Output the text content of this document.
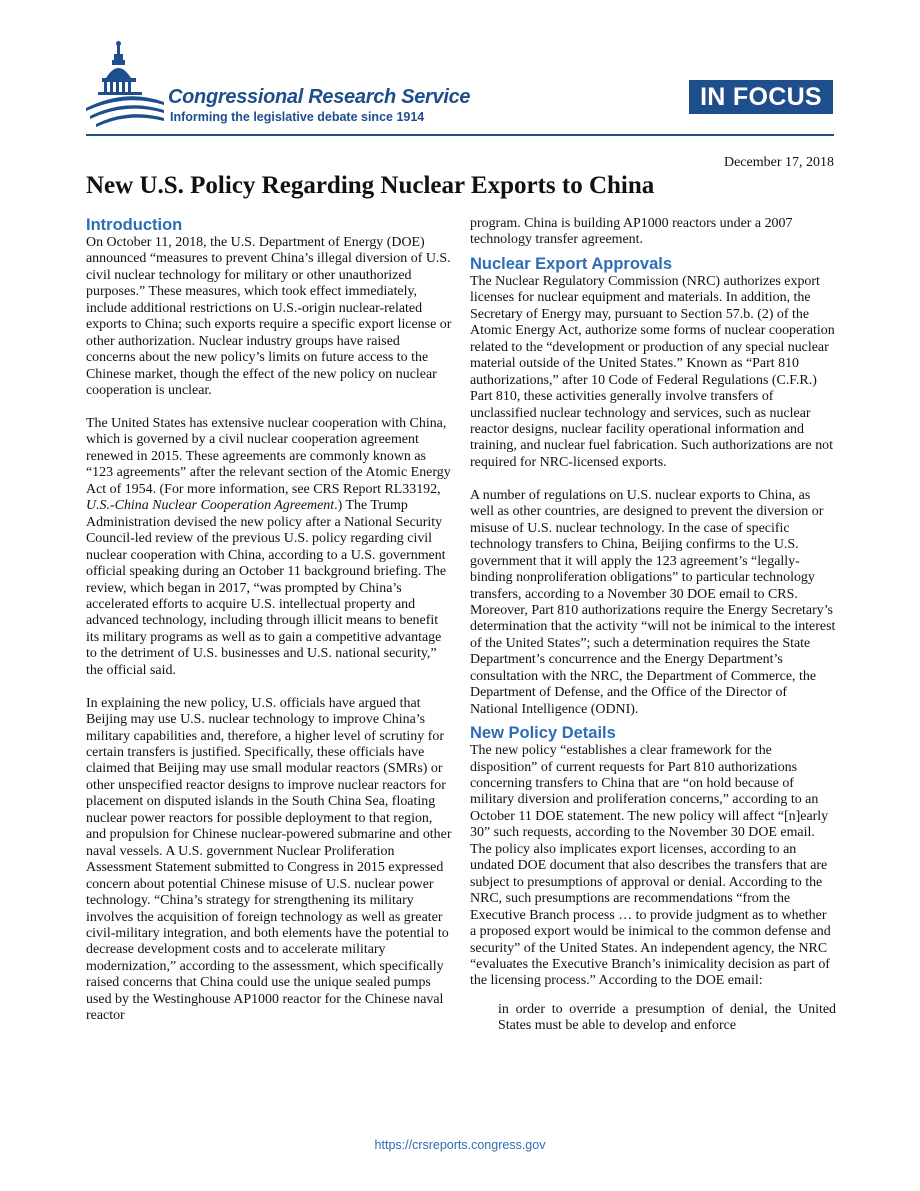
Congressional Research Service
Informing the legislative debate since 1914
IN FOCUS
December 17, 2018
New U.S. Policy Regarding Nuclear Exports to China
Introduction

On October 11, 2018, the U.S. Department of Energy (DOE) announced “measures to prevent China’s illegal diversion of U.S. civil nuclear technology for military or other unauthorized purposes.” These measures, which took effect immediately, include additional restrictions on U.S.-origin nuclear-related exports to China; such exports require a specific export license or other authorization. Nuclear industry groups have raised concerns about the new policy’s limits on future access to the Chinese market, though the effect of the new policy on nuclear cooperation is unclear.

The United States has extensive nuclear cooperation with China, which is governed by a civil nuclear cooperation agreement renewed in 2015. These agreements are commonly known as “123 agreements” after the relevant section of the Atomic Energy Act of 1954. (For more information, see CRS Report RL33192, U.S.-China Nuclear Cooperation Agreement.) The Trump Administration devised the new policy after a National Security Council-led review of the previous U.S. policy regarding civil nuclear cooperation with China, according to a U.S. government official speaking during an October 11 background briefing. The review, which began in 2017, “was prompted by China’s accelerated efforts to acquire U.S. intellectual property and advanced technology, including through illicit means to benefit its military programs as well as to gain a competitive advantage to the detriment of U.S. businesses and U.S. national security,” the official said.

In explaining the new policy, U.S. officials have argued that Beijing may use U.S. nuclear technology to improve China’s military capabilities and, therefore, a higher level of scrutiny for certain transfers is justified. Specifically, these officials have claimed that Beijing may use small modular reactors (SMRs) or other unspecified reactor designs to improve nuclear reactors for placement on disputed islands in the South China Sea, floating nuclear power reactors for possible deployment to that region, and propulsion for Chinese nuclear-powered submarine and other naval vessels. A U.S. government Nuclear Proliferation Assessment Statement submitted to Congress in 2015 expressed concern about potential Chinese misuse of U.S. nuclear power technology. “China’s strategy for strengthening its military involves the acquisition of foreign technology as well as greater civil-military integration, and both elements have the potential to decrease development costs and to accelerate military modernization,” according to the assessment, which specifically raised concerns that China could use the unique sealed pumps used by the Westinghouse AP1000 reactor for the Chinese naval reactor

program. China is building AP1000 reactors under a 2007 technology transfer agreement.

Nuclear Export Approvals

The Nuclear Regulatory Commission (NRC) authorizes export licenses for nuclear equipment and materials. In addition, the Secretary of Energy may, pursuant to Section 57.b. (2) of the Atomic Energy Act, authorize some forms of nuclear cooperation related to the “development or production of any special nuclear material outside of the United States.” Known as “Part 810 authorizations,” after 10 Code of Federal Regulations (C.F.R.) Part 810, these activities generally involve transfers of unclassified nuclear technology and services, such as nuclear reactor designs, nuclear facility operational information and training, and nuclear fuel fabrication. Such authorizations are not required for NRC-licensed exports.

A number of regulations on U.S. nuclear exports to China, as well as other countries, are designed to prevent the diversion or misuse of U.S. nuclear technology. In the case of specific technology transfers to China, Beijing confirms to the U.S. government that it will apply the 123 agreement’s “legally-binding nonproliferation obligations” to particular technology transfers, according to a November 30 DOE email to CRS. Moreover, Part 810 authorizations require the Energy Secretary’s determination that the activity “will not be inimical to the interest of the United States”; such a determination requires the State Department’s concurrence and the Energy Department’s consultation with the NRC, the Department of Commerce, the Department of Defense, and the Office of the Director of National Intelligence (ODNI).

New Policy Details

The new policy “establishes a clear framework for the disposition” of current requests for Part 810 authorizations concerning transfers to China that are “on hold because of military diversion and proliferation concerns,” according to an October 11 DOE statement. The new policy will affect “[n]early 30” such requests, according to the November 30 DOE email. The policy also implicates export licenses, according to an undated DOE document that also describes the transfers that are subject to presumptions of approval or denial. According to the NRC, such presumptions are recommendations “from the Executive Branch process … to provide judgment as to whether a proposed export would be inimical to the common defense and security” of the United States. An independent agency, the NRC “evaluates the Executive Branch’s inimicality decision as part of the licensing process.” According to the DOE email:

in order to override a presumption of denial, the United States must be able to develop and enforce

https://crsreports.congress.gov
